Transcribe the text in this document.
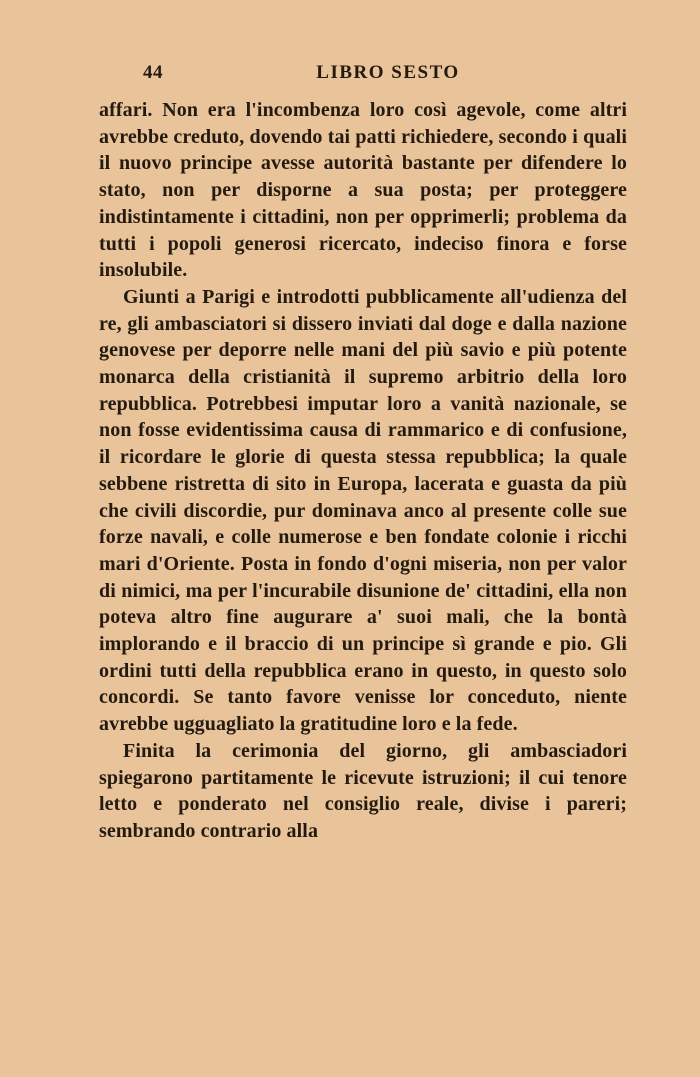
44	LIBRO SESTO

affari. Non era l'incombenza loro così agevole, come altri avrebbe creduto, dovendo tai patti richiedere, secondo i quali il nuovo principe avesse autorità bastante per difendere lo stato, non per disporne a sua posta; per proteggere indistintamente i cittadini, non per opprimerli; problema da tutti i popoli generosi ricercato, indeciso finora e forse insolubile.

Giunti a Parigi e introdotti pubblicamente all'udienza del re, gli ambasciatori si dissero inviati dal doge e dalla nazione genovese per deporre nelle mani del più savio e più potente monarca della cristianità il supremo arbitrio della loro repubblica. Potrebbesi imputar loro a vanità nazionale, se non fosse evidentissima causa di rammarico e di confusione, il ricordare le glorie di questa stessa repubblica; la quale sebbene ristretta di sito in Europa, lacerata e guasta da più che civili discordie, pur dominava anco al presente colle sue forze navali, e colle numerose e ben fondate colonie i ricchi mari d'Oriente. Posta in fondo d'ogni miseria, non per valor di nimici, ma per l'incurabile disunione de' cittadini, ella non poteva altro fine augurare a' suoi mali, che la bontà implorando e il braccio di un principe sì grande e pio. Gli ordini tutti della repubblica erano in questo, in questo solo concordi. Se tanto favore venisse lor conceduto, niente avrebbe ugguagliato la gratitudine loro e la fede.

Finita la cerimonia del giorno, gli ambasciadori spiegarono partitamente le ricevute istruzioni; il cui tenore letto e ponderato nel consiglio reale, divise i pareri; sembrando contrario alla
